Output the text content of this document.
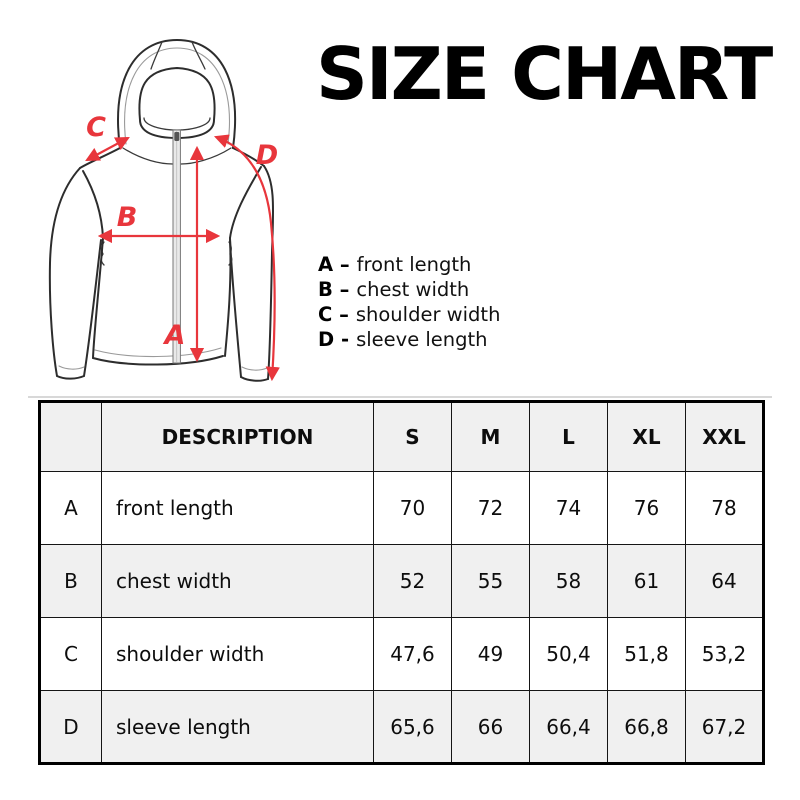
SIZE CHART
C
D
B
A
A – front length
B – chest width
C – shoulder width
D - sleeve length
	DESCRIPTION	S	M	L	XL	XXL
A	front length	70	72	74	76	78
B	chest width	52	55	58	61	64
C	shoulder width	47,6	49	50,4	51,8	53,2
D	sleeve length	65,6	66	66,4	66,8	67,2
